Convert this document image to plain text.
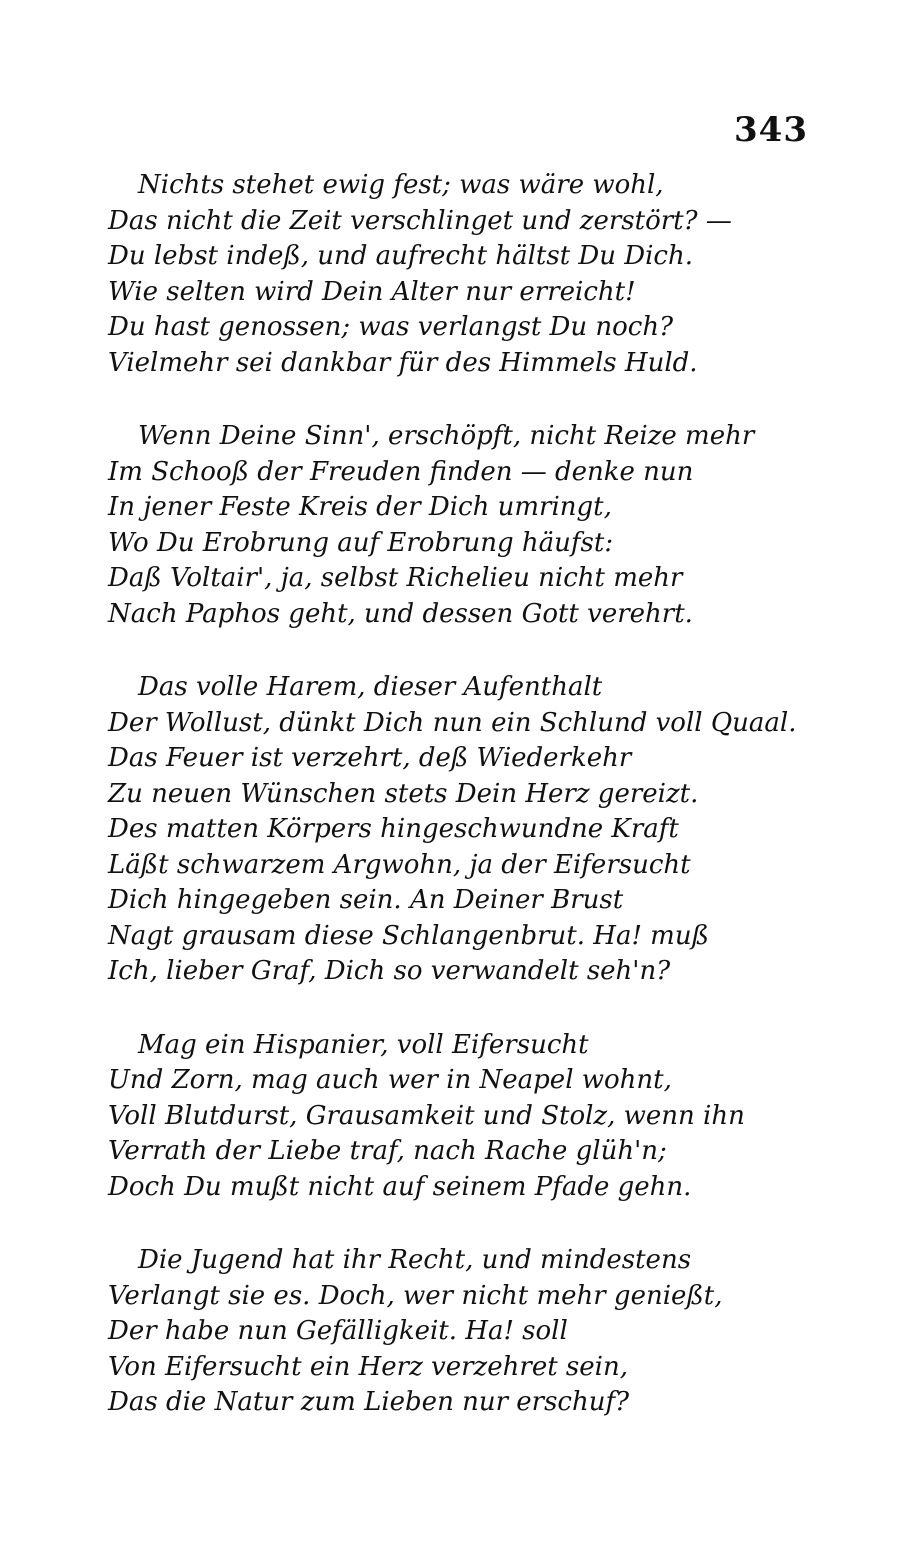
343
Nichts stehet ewig fest; was wäre wohl,
Das nicht die Zeit verschlinget und zerstört? —
Du lebst indeß, und aufrecht hältst Du Dich.
Wie selten wird Dein Alter nur erreicht!
Du hast genossen; was verlangst Du noch?
Vielmehr sei dankbar für des Himmels Huld.
Wenn Deine Sinn', erschöpft, nicht Reize mehr
Im Schooß der Freuden finden — denke nun
In jener Feste Kreis der Dich umringt,
Wo Du Erobrung auf Erobrung häufst:
Daß Voltair', ja, selbst Richelieu nicht mehr
Nach Paphos geht, und dessen Gott verehrt.
Das volle Harem, dieser Aufenthalt
Der Wollust, dünkt Dich nun ein Schlund voll Quaal.
Das Feuer ist verzehrt, deß Wiederkehr
Zu neuen Wünschen stets Dein Herz gereizt.
Des matten Körpers hingeschwundne Kraft
Läßt schwarzem Argwohn, ja der Eifersucht
Dich hingegeben sein. An Deiner Brust
Nagt grausam diese Schlangenbrut. Ha! muß
Ich, lieber Graf, Dich so verwandelt seh'n?
Mag ein Hispanier, voll Eifersucht
Und Zorn, mag auch wer in Neapel wohnt,
Voll Blutdurst, Grausamkeit und Stolz, wenn ihn
Verrath der Liebe traf, nach Rache glüh'n;
Doch Du mußt nicht auf seinem Pfade gehn.
Die Jugend hat ihr Recht, und mindestens
Verlangt sie es. Doch, wer nicht mehr genießt,
Der habe nun Gefälligkeit. Ha! soll
Von Eifersucht ein Herz verzehret sein,
Das die Natur zum Lieben nur erschuf?
